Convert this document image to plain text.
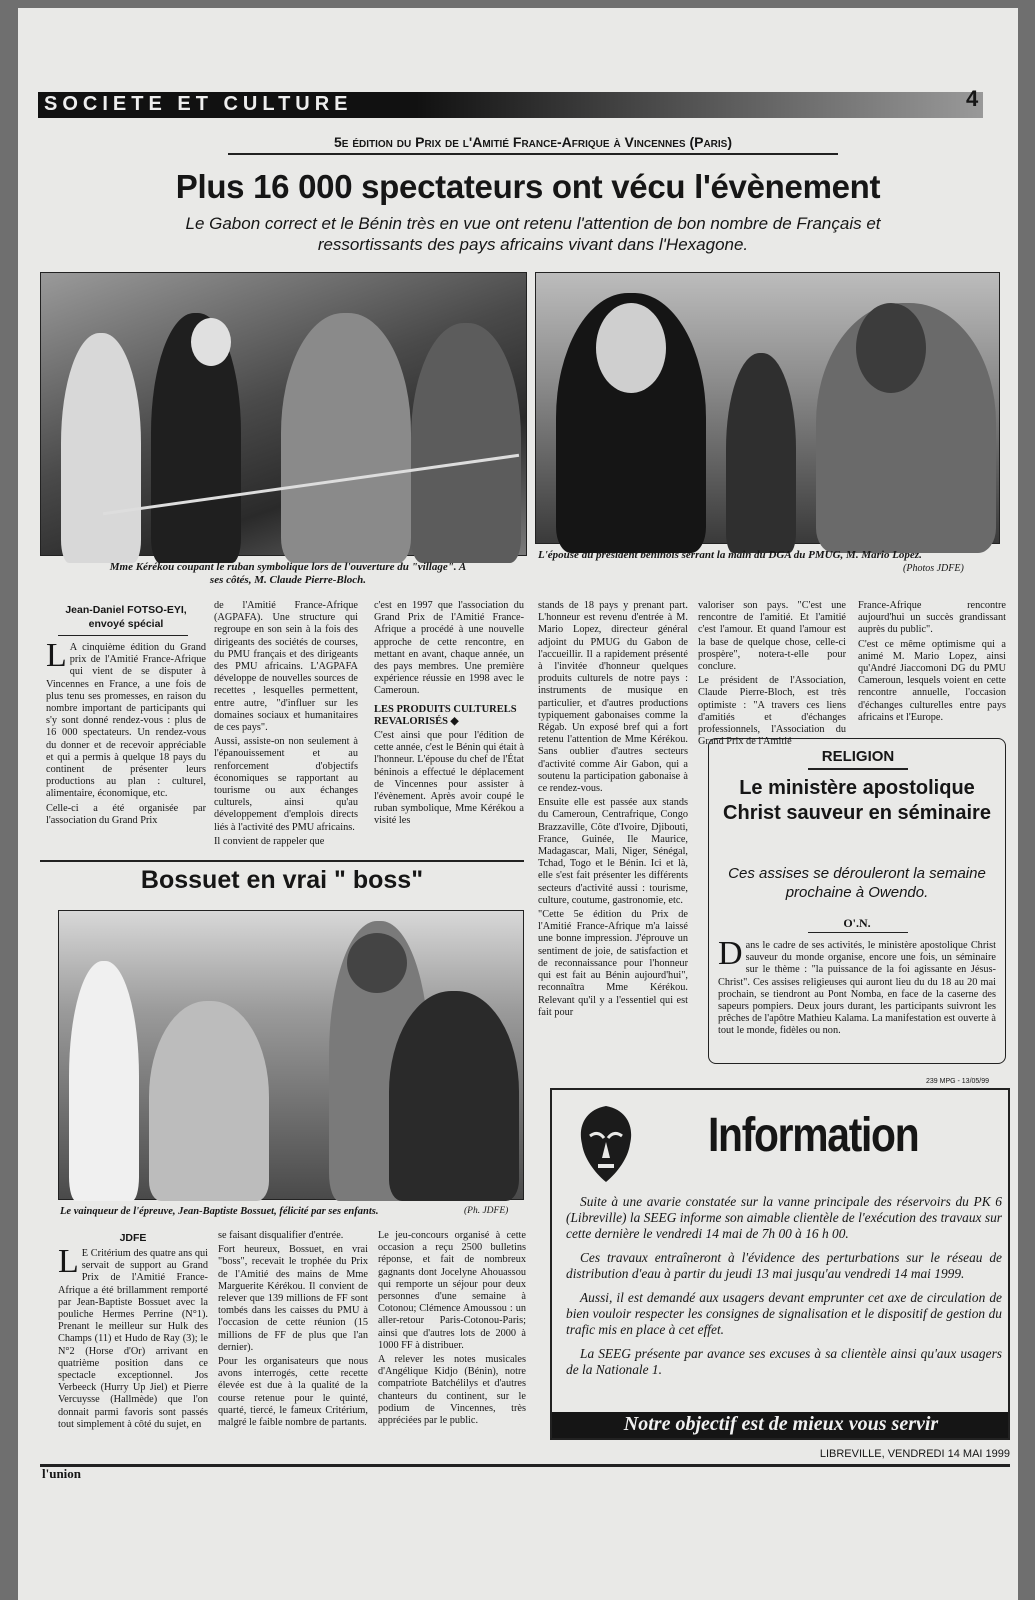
SOCIETE ET CULTURE	4
5e édition du Prix de l'Amitié France-Afrique à Vincennes (Paris)
Plus 16 000 spectateurs ont vécu l'évènement
Le Gabon correct et le Bénin très en vue ont retenu l'attention de bon nombre de Français et ressortissants des pays africains vivant dans l'Hexagone.
Mme Kérékou coupant le ruban symbolique lors de l'ouverture du "village". A ses côtés, M. Claude Pierre-Bloch.
L'épouse du président béninois serrant la main du DGA du PMUG, M. Mario Lopez.
(Photos JDFE)
Jean-Daniel FOTSO-EYI,
envoyé spécial

L A cinquième édition du Grand prix de l'Amitié France-Afrique qui vient de se disputer à Vincennes en France, a une fois de plus tenu ses promesses, en raison du nombre important de participants qui s'y sont donné rendez-vous : plus de 16 000 spectateurs. Un rendez-vous du donner et de recevoir appréciable et qui a permis à quelque 18 pays du continent de présenter leurs productions au plan : culturel, alimentaire, économique, etc.

Celle-ci a été organisée par l'association du Grand Prix

de l'Amitié France-Afrique (AGPAFA). Une structure qui regroupe en son sein à la fois des dirigeants des sociétés de courses, du PMU français et des dirigeants des PMU africains. L'AGPAFA développe de nouvelles sources de recettes , lesquelles permettent, entre autre, "d'influer sur les domaines sociaux et humanitaires de ces pays".

Aussi, assiste-on non seulement à l'épanouissement et au renforcement d'objectifs économiques se rapportant au tourisme ou aux échanges culturels, ainsi qu'au développement d'emplois directs liés à l'activité des PMU africains.

Il convient de rappeler que

c'est en 1997 que l'association du Grand Prix de l'Amitié France-Afrique a procédé à une nouvelle approche de cette rencontre, en mettant en avant, chaque année, un des pays membres. Une première expérience réussie en 1998 avec le Cameroun.

LES PRODUITS CULTURELS REVALORISÉS ◆

C'est ainsi que pour l'édition de cette année, c'est le Bénin qui était à l'honneur. L'épouse du chef de l'État béninois a effectué le déplacement de Vincennes pour assister à l'évènement. Après avoir coupé le ruban symbolique, Mme Kérékou a visité les

stands de 18 pays y prenant part. L'honneur est revenu d'entrée à M. Mario Lopez, directeur général adjoint du PMUG du Gabon de l'accueillir. Il a rapidement présenté à l'invitée d'honneur quelques produits culturels de notre pays : instruments de musique en particulier, et d'autres productions typiquement gabonaises comme la Régab. Un exposé bref qui a fort retenu l'attention de Mme Kérékou. Sans oublier d'autres secteurs d'activité comme Air Gabon, qui a soutenu la participation gabonaise à ce rendez-vous.

Ensuite elle est passée aux stands du Cameroun, Centrafrique, Congo Brazzaville, Côte d'Ivoire, Djibouti, France, Guinée, Ile Maurice, Madagascar, Mali, Niger, Sénégal, Tchad, Togo et le Bénin. Ici et là, elle s'est fait présenter les différents secteurs d'activité aussi : tourisme, culture, coutume, gastronomie, etc.

"Cette 5e édition du Prix de l'Amitié France-Afrique m'a laissé une bonne impression. J'éprouve un sentiment de joie, de satisfaction et de reconnaissance pour l'honneur qui est fait au Bénin aujourd'hui", reconnaîtra Mme Kérékou. Relevant qu'il y a l'essentiel qui est fait pour

valoriser son pays. "C'est une rencontre de l'amitié. Et l'amitié c'est l'amour. Et quand l'amour est la base de quelque chose, celle-ci prospère", notera-t-elle pour conclure.

Le président de l'Association, Claude Pierre-Bloch, est très optimiste : "A travers ces liens d'amitiés et d'échanges professionnels, l'Association du Grand Prix de l'Amitié

France-Afrique rencontre aujourd'hui un succès grandissant auprès du public".

C'est ce même optimisme qui a animé M. Mario Lopez, ainsi qu'André Jiaccomoni DG du PMU Cameroun, lesquels voient en cette rencontre annuelle, l'occasion d'échanges culturelles entre pays africains et l'Europe.

Bossuet en vrai " boss"
Le vainqueur de l'épreuve, Jean-Baptiste Bossuet, félicité par ses enfants.	(Ph. JDFE)
JDFE

L E Critérium des quatre ans qui servait de support au Grand Prix de l'Amitié France-Afrique a été brillamment remporté par Jean-Baptiste Bossuet avec la pouliche Hermes Perrine (N°1). Prenant le meilleur sur Hulk des Champs (11) et Hudo de Ray (3); le N°2 (Horse d'Or) arrivant en quatrième position dans ce spectacle exceptionnel. Jos Verbeeck (Hurry Up Jiel) et Pierre Vercuysse (Hallmède) que l'on donnait parmi favoris sont passés tout simplement à côté du sujet, en

se faisant disqualifier d'entrée.

Fort heureux, Bossuet, en vrai "boss", recevait le trophée du Prix de l'Amitié des mains de Mme Marguerite Kérékou. Il convient de relever que 139 millions de FF sont tombés dans les caisses du PMU à l'occasion de cette réunion (15 millions de FF de plus que l'an dernier).

Pour les organisateurs que nous avons interrogés, cette recette élevée est due à la qualité de la course retenue pour le quinté, quarté, tiercé, le fameux Critérium, malgré le faible nombre de partants.

Le jeu-concours organisé à cette occasion a reçu 2500 bulletins réponse, et fait de nombreux gagnants dont Jocelyne Ahouassou qui remporte un séjour pour deux personnes d'une semaine à Cotonou; Clémence Amoussou : un aller-retour Paris-Cotonou-Paris; ainsi que d'autres lots de 2000 à 1000 FF à distribuer.

A relever les notes musicales d'Angélique Kidjo (Bénin), notre compatriote Batchélilys et d'autres chanteurs du continent, sur le podium de Vincennes, très appréciées par le public.

RELIGION
Le ministère apostolique Christ sauveur en séminaire
Ces assises se dérouleront la semaine prochaine à Owendo.
O'.N.

Dans le cadre de ses activités, le ministère apostolique Christ sauveur du monde organise, encore une fois, un séminaire sur le thème : "la puissance de la foi agissante en Jésus-Christ". Ces assises religieuses qui auront lieu du du 18 au 20 mai prochain, se tiendront au Pont Nomba, en face de la caserne des sapeurs pompiers. Deux jours durant, les participants suivront les prêches de l'apôtre Mathieu Kalama. La manifestation est ouverte à tout le monde, fidèles ou non.

239 MPG - 13/05/99
Information

Suite à une avarie constatée sur la vanne principale des réservoirs du PK 6 (Libreville) la SEEG informe son aimable clientèle de l'exécution des travaux sur cette dernière le vendredi 14 mai de 7h 00 à 16 h 00.

Ces travaux entraîneront à l'évidence des perturbations sur le réseau de distribution d'eau à partir du jeudi 13 mai jusqu'au vendredi 14 mai 1999.

Aussi, il est demandé aux usagers devant emprunter cet axe de circulation de bien vouloir respecter les consignes de signalisation et le dispositif de gestion du trafic mis en place à cet effet.

La SEEG présente par avance ses excuses à sa clientèle ainsi qu'aux usagers de la Nationale 1.

Notre objectif est de mieux vous servir
l'union
LIBREVILLE, VENDREDI 14 MAI 1999
